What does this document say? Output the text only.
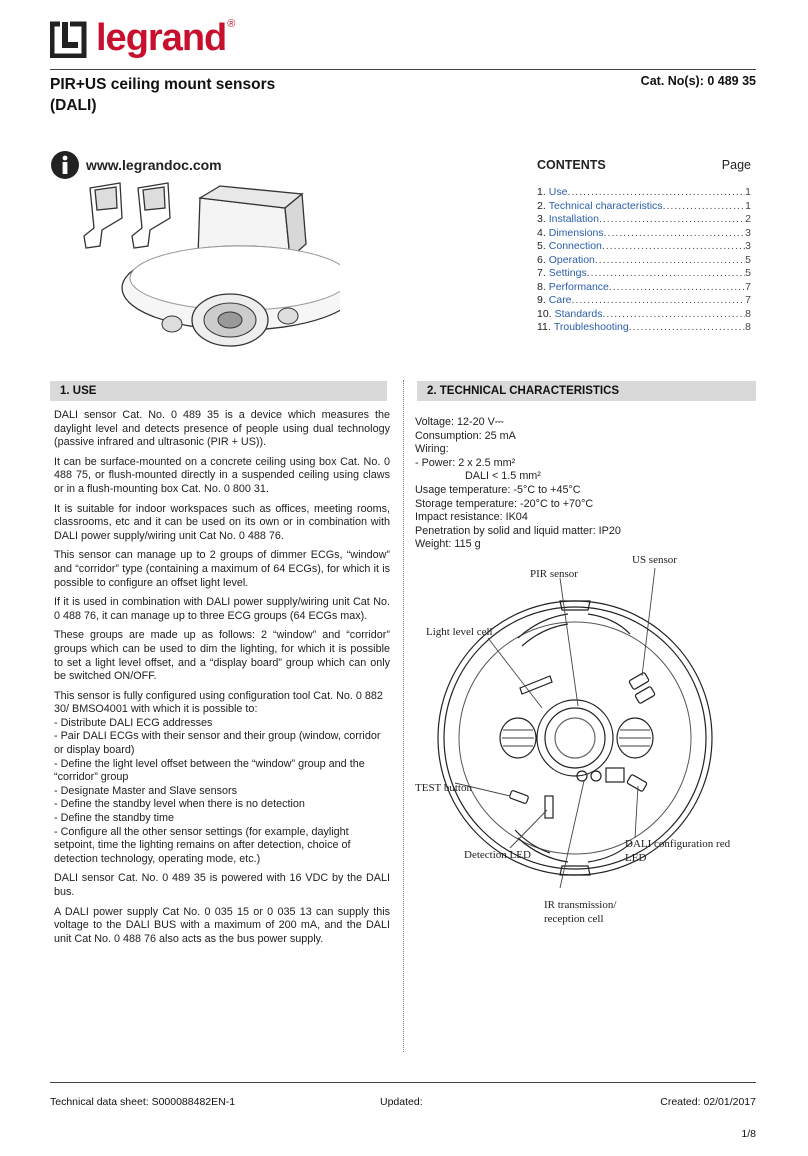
legrand ®
PIR+US ceiling mount sensors
(DALI)
Cat. No(s): 0 489 35
www.legrandoc.com	CONTENTS	Page
1. Use .....	1
2. Technical characteristics .....	1
3. Installation .....	2
4. Dimensions .....	3
5. Connection .....	3
6. Operation .....	5
7. Settings .....	5
8. Performance .....	7
9. Care .....	7
10. Standards .....	8
11. Troubleshooting .....	8
1. USE	2. TECHNICAL CHARACTERISTICS

DALI sensor Cat. No. 0 489 35 is a device which measures the daylight level and detects presence of people using dual technology (passive infrared and ultrasonic (PIR + US)).

It can be surface-mounted on a concrete ceiling using box Cat. No. 0 488 75, or flush-mounted directly in a suspended ceiling using claws or in a flush-mounting box Cat. No. 0 800 31.

It is suitable for indoor workspaces such as offices, meeting rooms, classrooms, etc and it can be used on its own or in combination with DALI power supply/wiring unit Cat No. 0 488 76.

This sensor can manage up to 2 groups of dimmer ECGs, “window” and “corridor” type (containing a maximum of 64 ECGs), for which it is possible to configure an offset light level.

If it is used in combination with DALI power supply/wiring unit Cat No. 0 488 76, it can manage up to three ECG groups (64 ECGs max).

These groups are made up as follows: 2 “window” and “corridor” groups which can be used to dim the lighting, for which it is possible to set a light level offset, and a “display board” group which can only be switched ON/OFF.

This sensor is fully configured using configuration tool Cat. No. 0 882 30/ BMSO4001 with which it is possible to:
- Distribute DALI ECG addresses
- Pair DALI ECGs with their sensor and their group (window, corridor or display board)
- Define the light level offset between the “window” group and the “corridor” group
- Designate Master and Slave sensors
- Define the standby level when there is no detection
- Define the standby time
- Configure all the other sensor settings (for example, daylight setpoint, time the lighting remains on after detection, choice of detection technology, operating mode, etc.)

DALI sensor Cat. No. 0 489 35 is powered with 16 VDC by the DALI bus.

A DALI power supply Cat No. 0 035 15 or 0 035 13 can supply this voltage to the DALI BUS with a maximum of 200 mA, and the DALI unit Cat No. 0 488 76 also acts as the bus power supply.

Voltage: 12-20 V⎓
Consumption: 25 mA
Wiring:
- Power: 2 x 2.5 mm²
DALI < 1.5 mm²
Usage temperature: -5°C to +45°C
Storage temperature: -20°C to +70°C
Impact resistance: IK04
Penetration by solid and liquid matter: IP20
Weight: 115 g
PIR sensor
US sensor
Light level cell
TEST button
Detection LED
DALI configuration red LED
IR transmission/ reception cell
Technical data sheet: S000088482EN-1	Updated:	Created: 02/01/2017
1/8
